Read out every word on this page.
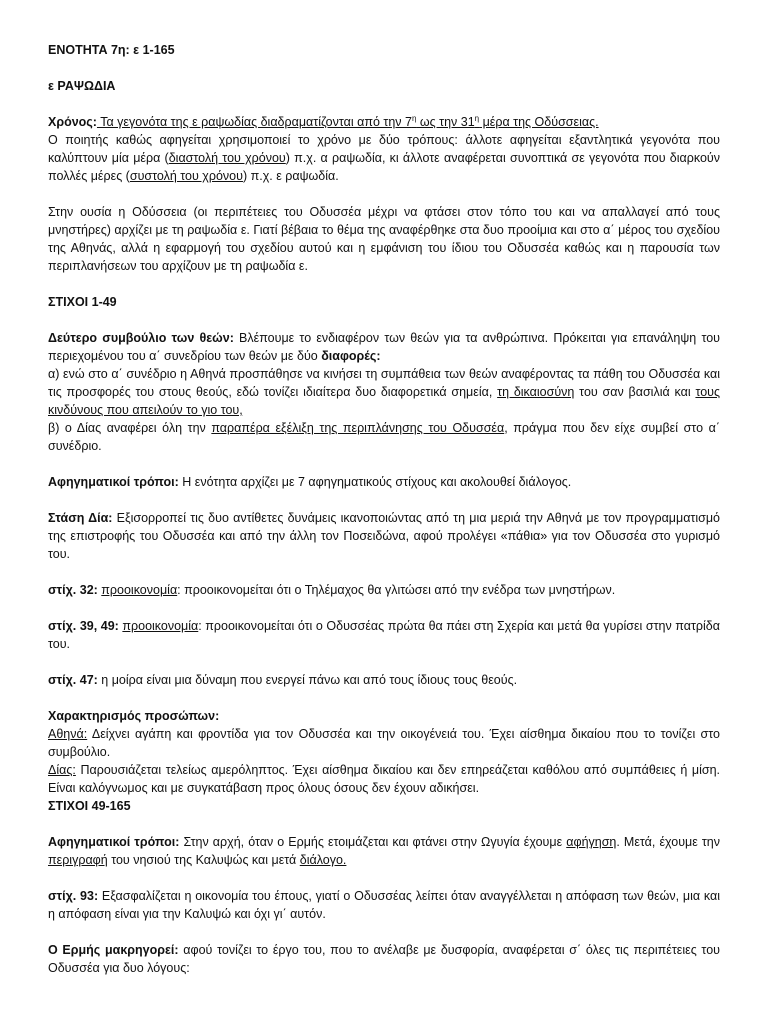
ΕΝΟΤΗΤΑ 7η: ε 1-165

ε ΡΑΨΩΔΙΑ

Χρόνος: Τα γεγονότα της ε ραψωδίας διαδραματίζονται από την $7^\eta$ ως την $31^\eta$ μέρα της Οδύσσειας.

Ο ποιητής καθώς αφηγείται χρησιμοποιεί το χρόνο με δύο τρόπους: άλλοτε αφηγείται εξαντλητικά γεγονότα που καλύπτουν μία μέρα (διαστολή του χρόνου) π.χ. α ραψωδία, κι άλλοτε αναφέρεται συνοπτικά σε γεγονότα που διαρκούν πολλές μέρες (συστολή του χρόνου) π.χ. ε ραψωδία.

Στην ουσία η Οδύσσεια (οι περιπέτειες του Οδυσσέα μέχρι να φτάσει στον τόπο του και να απαλλαγεί από τους μνηστήρες) αρχίζει με τη ραψωδία ε. Γιατί βέβαια το θέμα της αναφέρθηκε στα δυο προοίμια και στο α΄ μέρος του σχεδίου της Αθηνάς, αλλά η εφαρμογή του σχεδίου αυτού και η εμφάνιση του ίδιου του Οδυσσέα καθώς και η παρουσία των περιπλανήσεων του αρχίζουν με τη ραψωδία ε.

ΣΤΙΧΟΙ 1-49

Δεύτερο συμβούλιο των θεών: Βλέπουμε το ενδιαφέρον των θεών για τα ανθρώπινα. Πρόκειται για επανάληψη του περιεχομένου του α΄ συνεδρίου των θεών με δύο διαφορές:

α) ενώ στο α΄ συνέδριο η Αθηνά προσπάθησε να κινήσει τη συμπάθεια των θεών αναφέροντας τα πάθη του Οδυσσέα και τις προσφορές του στους θεούς, εδώ τονίζει ιδιαίτερα δυο διαφορετικά σημεία, τη δικαιοσύνη του σαν βασιλιά και τους κινδύνους που απειλούν το γιο του,

β) ο Δίας αναφέρει όλη την παραπέρα εξέλιξη της περιπλάνησης του Οδυσσέα, πράγμα που δεν είχε συμβεί στο α΄ συνέδριο.

Αφηγηματικοί τρόποι: Η ενότητα αρχίζει με 7 αφηγηματικούς στίχους και ακολουθεί διάλογος.

Στάση Δία: Εξισορροπεί τις δυο αντίθετες δυνάμεις ικανοποιώντας από τη μια μεριά την Αθηνά με τον προγραμματισμό της επιστροφής του Οδυσσέα και από την άλλη τον Ποσειδώνα, αφού προλέγει «πάθια» για τον Οδυσσέα στο γυρισμό του.

στίχ. 32: προοικονομία: προοικονομείται ότι ο Τηλέμαχος θα γλιτώσει από την ενέδρα των μνηστήρων.

στίχ. 39, 49: προοικονομία: προοικονομείται ότι ο Οδυσσέας πρώτα θα πάει στη Σχερία και μετά θα γυρίσει στην πατρίδα του.

στίχ. 47: η μοίρα είναι μια δύναμη που ενεργεί πάνω και από τους ίδιους τους θεούς.

Χαρακτηρισμός προσώπων:

Αθηνά: Δείχνει αγάπη και φροντίδα για τον Οδυσσέα και την οικογένειά του. Έχει αίσθημα δικαίου που το τονίζει στο συμβούλιο.

Δίας: Παρουσιάζεται τελείως αμερόληπτος. Έχει αίσθημα δικαίου και δεν επηρεάζεται καθόλου από συμπάθειες ή μίση. Είναι καλόγνωμος και με συγκατάβαση προς όλους όσους δεν έχουν αδικήσει.

ΣΤΙΧΟΙ 49-165

Αφηγηματικοί τρόποι: Στην αρχή, όταν ο Ερμής ετοιμάζεται και φτάνει στην Ωγυγία έχουμε αφήγηση. Μετά, έχουμε την περιγραφή του νησιού της Καλυψώς και μετά διάλογο.

στίχ. 93: Εξασφαλίζεται η οικονομία του έπους, γιατί ο Οδυσσέας λείπει όταν αναγγέλλεται η απόφαση των θεών, μια και η απόφαση είναι για την Καλυψώ και όχι γι΄ αυτόν.

Ο Ερμής μακρηγορεί: αφού τονίζει το έργο του, που το ανέλαβε με δυσφορία, αναφέρεται σ΄ όλες τις περιπέτειες του Οδυσσέα για δυο λόγους:
